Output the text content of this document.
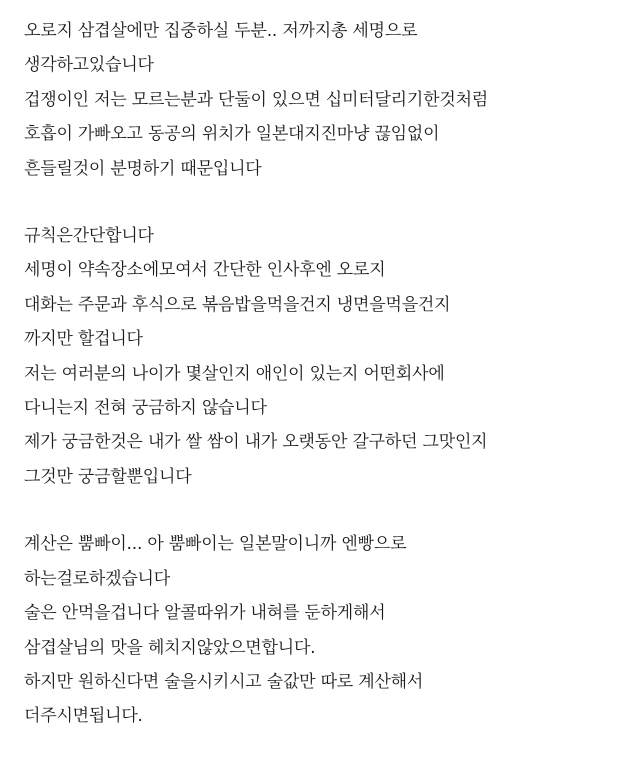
오로지 삼겹살에만 집중하실 두분.. 저까지총 세명으로
생각하고있습니다
겁쟁이인 저는 모르는분과 단둘이 있으면 십미터달리기한것처럼
호흡이 가빠오고 동공의 위치가 일본대지진마냥 끊임없이
흔들릴것이 분명하기 때문입니다
규칙은간단합니다
세명이 약속장소에모여서 간단한 인사후엔 오로지
대화는 주문과 후식으로 볶음밥을먹을건지 냉면을먹을건지
까지만 할겁니다
저는 여러분의 나이가 몇살인지 애인이 있는지 어떤회사에
다니는지 전혀 궁금하지 않습니다
제가 궁금한것은 내가 쌀 쌈이 내가 오랫동안 갈구하던 그맛인지
그것만 궁금할뿐입니다
계산은 뿜빠이... 아 뿜빠이는 일본말이니까 엔빵으로
하는걸로하겠습니다
술은 안먹을겁니다 알콜따위가 내혀를 둔하게해서
삼겹살님의 맛을 헤치지않았으면합니다.
하지만 원하신다면 술을시키시고 술값만 따로 계산해서
더주시면됩니다.
